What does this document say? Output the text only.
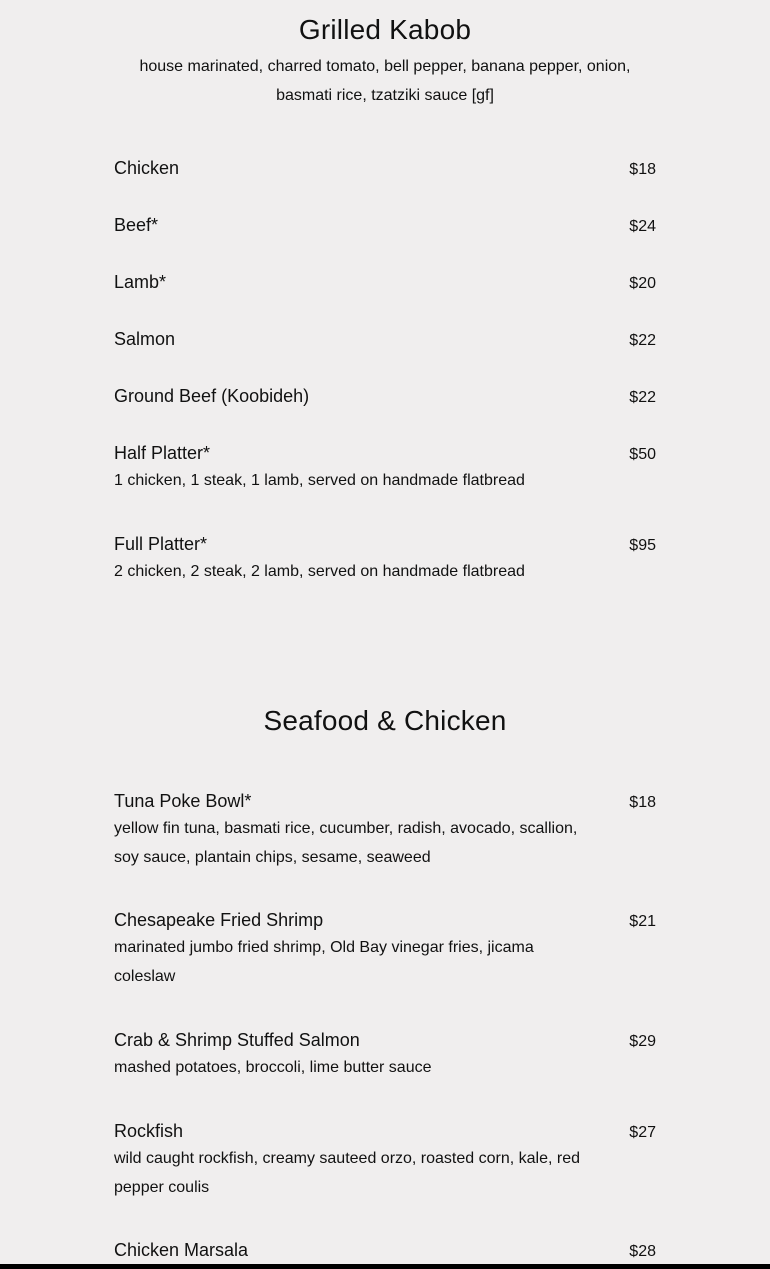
Grilled Kabob

house marinated, charred tomato, bell pepper, banana pepper, onion,
basmati rice, tzatziki sauce [gf]

Chicken	$18
Beef*	$24
Lamb*	$20
Salmon	$22
Ground Beef (Koobideh)	$22
Half Platter*	$50

1 chicken, 1 steak, 1 lamb, served on handmade flatbread

Full Platter*	$95

2 chicken, 2 steak, 2 lamb, served on handmade flatbread

Seafood & Chicken
Tuna Poke Bowl*	$18

yellow fin tuna, basmati rice, cucumber, radish, avocado, scallion,
soy sauce, plantain chips, sesame, seaweed

Chesapeake Fried Shrimp	$21

marinated jumbo fried shrimp, Old Bay vinegar fries, jicama
coleslaw

Crab & Shrimp Stuffed Salmon	$29

mashed potatoes, broccoli, lime butter sauce

Rockfish	$27

wild caught rockfish, creamy sauteed orzo, roasted corn, kale, red
pepper coulis

Chicken Marsala	$28
